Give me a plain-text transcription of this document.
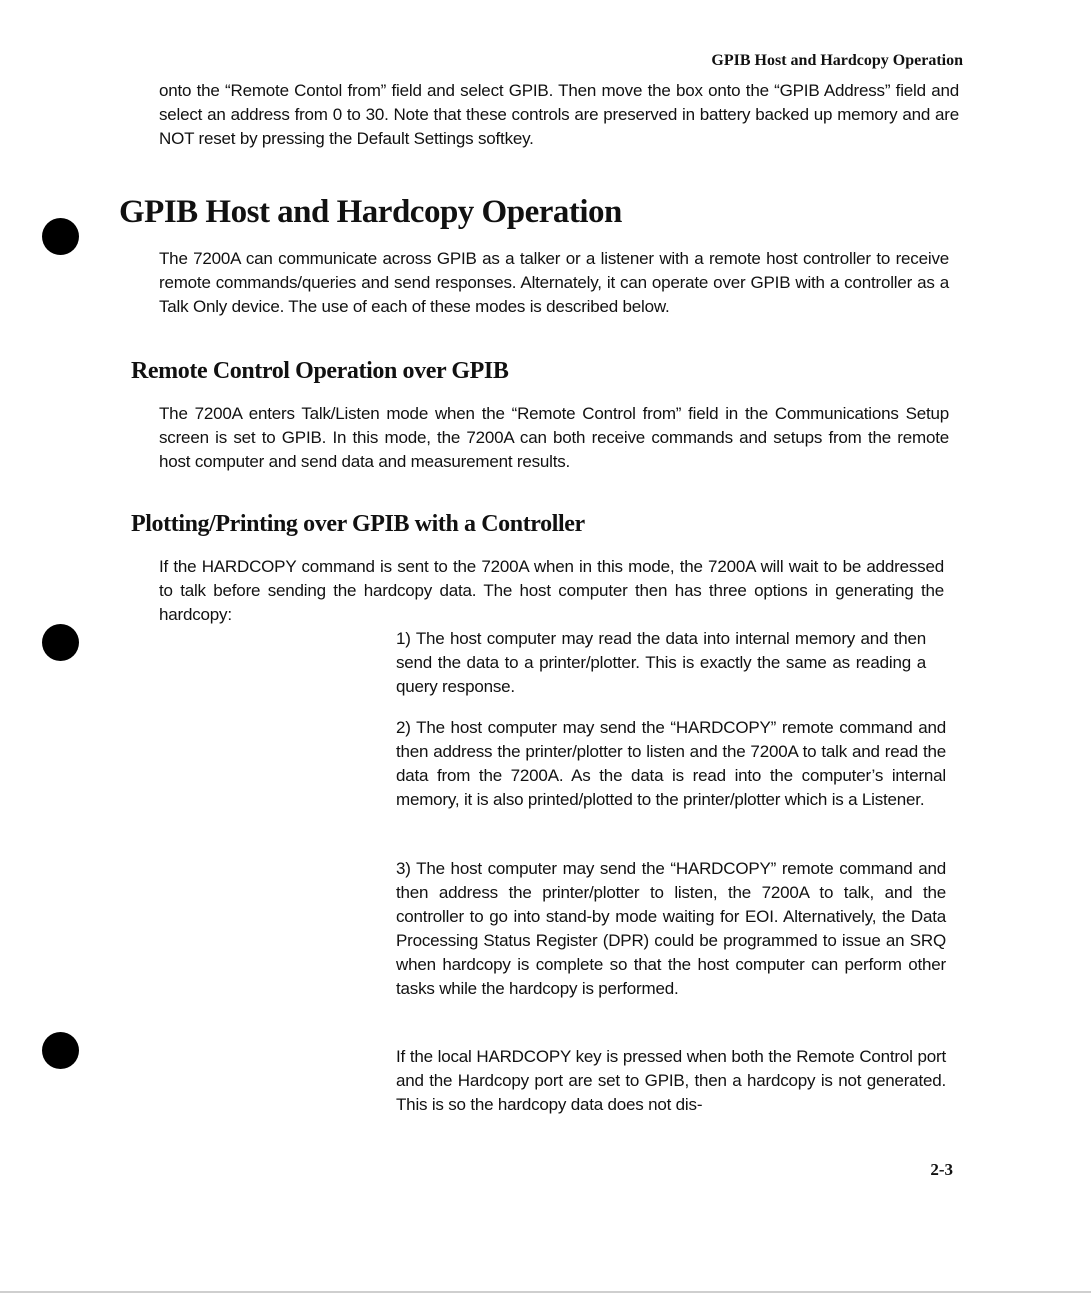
GPIB Host and Hardcopy Operation

onto the “Remote Contol from” field and select GPIB. Then move the box onto the “GPIB Address” field and select an address from 0 to 30. Note that these controls are preserved in battery backed up memory and are NOT reset by pressing the Default Settings softkey.

GPIB Host and Hardcopy Operation

The 7200A can communicate across GPIB as a talker or a listener with a remote host controller to receive remote commands/queries and send responses. Alternately, it can operate over GPIB with a controller as a Talk Only device. The use of each of these modes is described below.

Remote Control Operation over GPIB

The 7200A enters Talk/Listen mode when the “Remote Control from” field in the Communications Setup screen is set to GPIB. In this mode, the 7200A can both receive commands and setups from the remote host computer and send data and measurement results.

Plotting/Printing over GPIB with a Controller

If the HARDCOPY command is sent to the 7200A when in this mode, the 7200A will wait to be addressed to talk before sending the hardcopy data. The host computer then has three options in generating the hardcopy:

1) The host computer may read the data into internal memory and then send the data to a printer/plotter. This is exactly the same as reading a query response.

2) The host computer may send the “HARDCOPY” remote command and then address the printer/plotter to listen and the 7200A to talk and read the data from the 7200A. As the data is read into the computer’s internal memory, it is also printed/plotted to the printer/plotter which is a Listener.

3) The host computer may send the “HARDCOPY” remote command and then address the printer/plotter to listen, the 7200A to talk, and the controller to go into stand-by mode waiting for EOI. Alternatively, the Data Processing Status Register (DPR) could be programmed to issue an SRQ when hardcopy is complete so that the host computer can perform other tasks while the hardcopy is performed.

If the local HARDCOPY key is pressed when both the Remote Control port and the Hardcopy port are set to GPIB, then a hardcopy is not generated. This is so the hardcopy data does not dis-

2-3
